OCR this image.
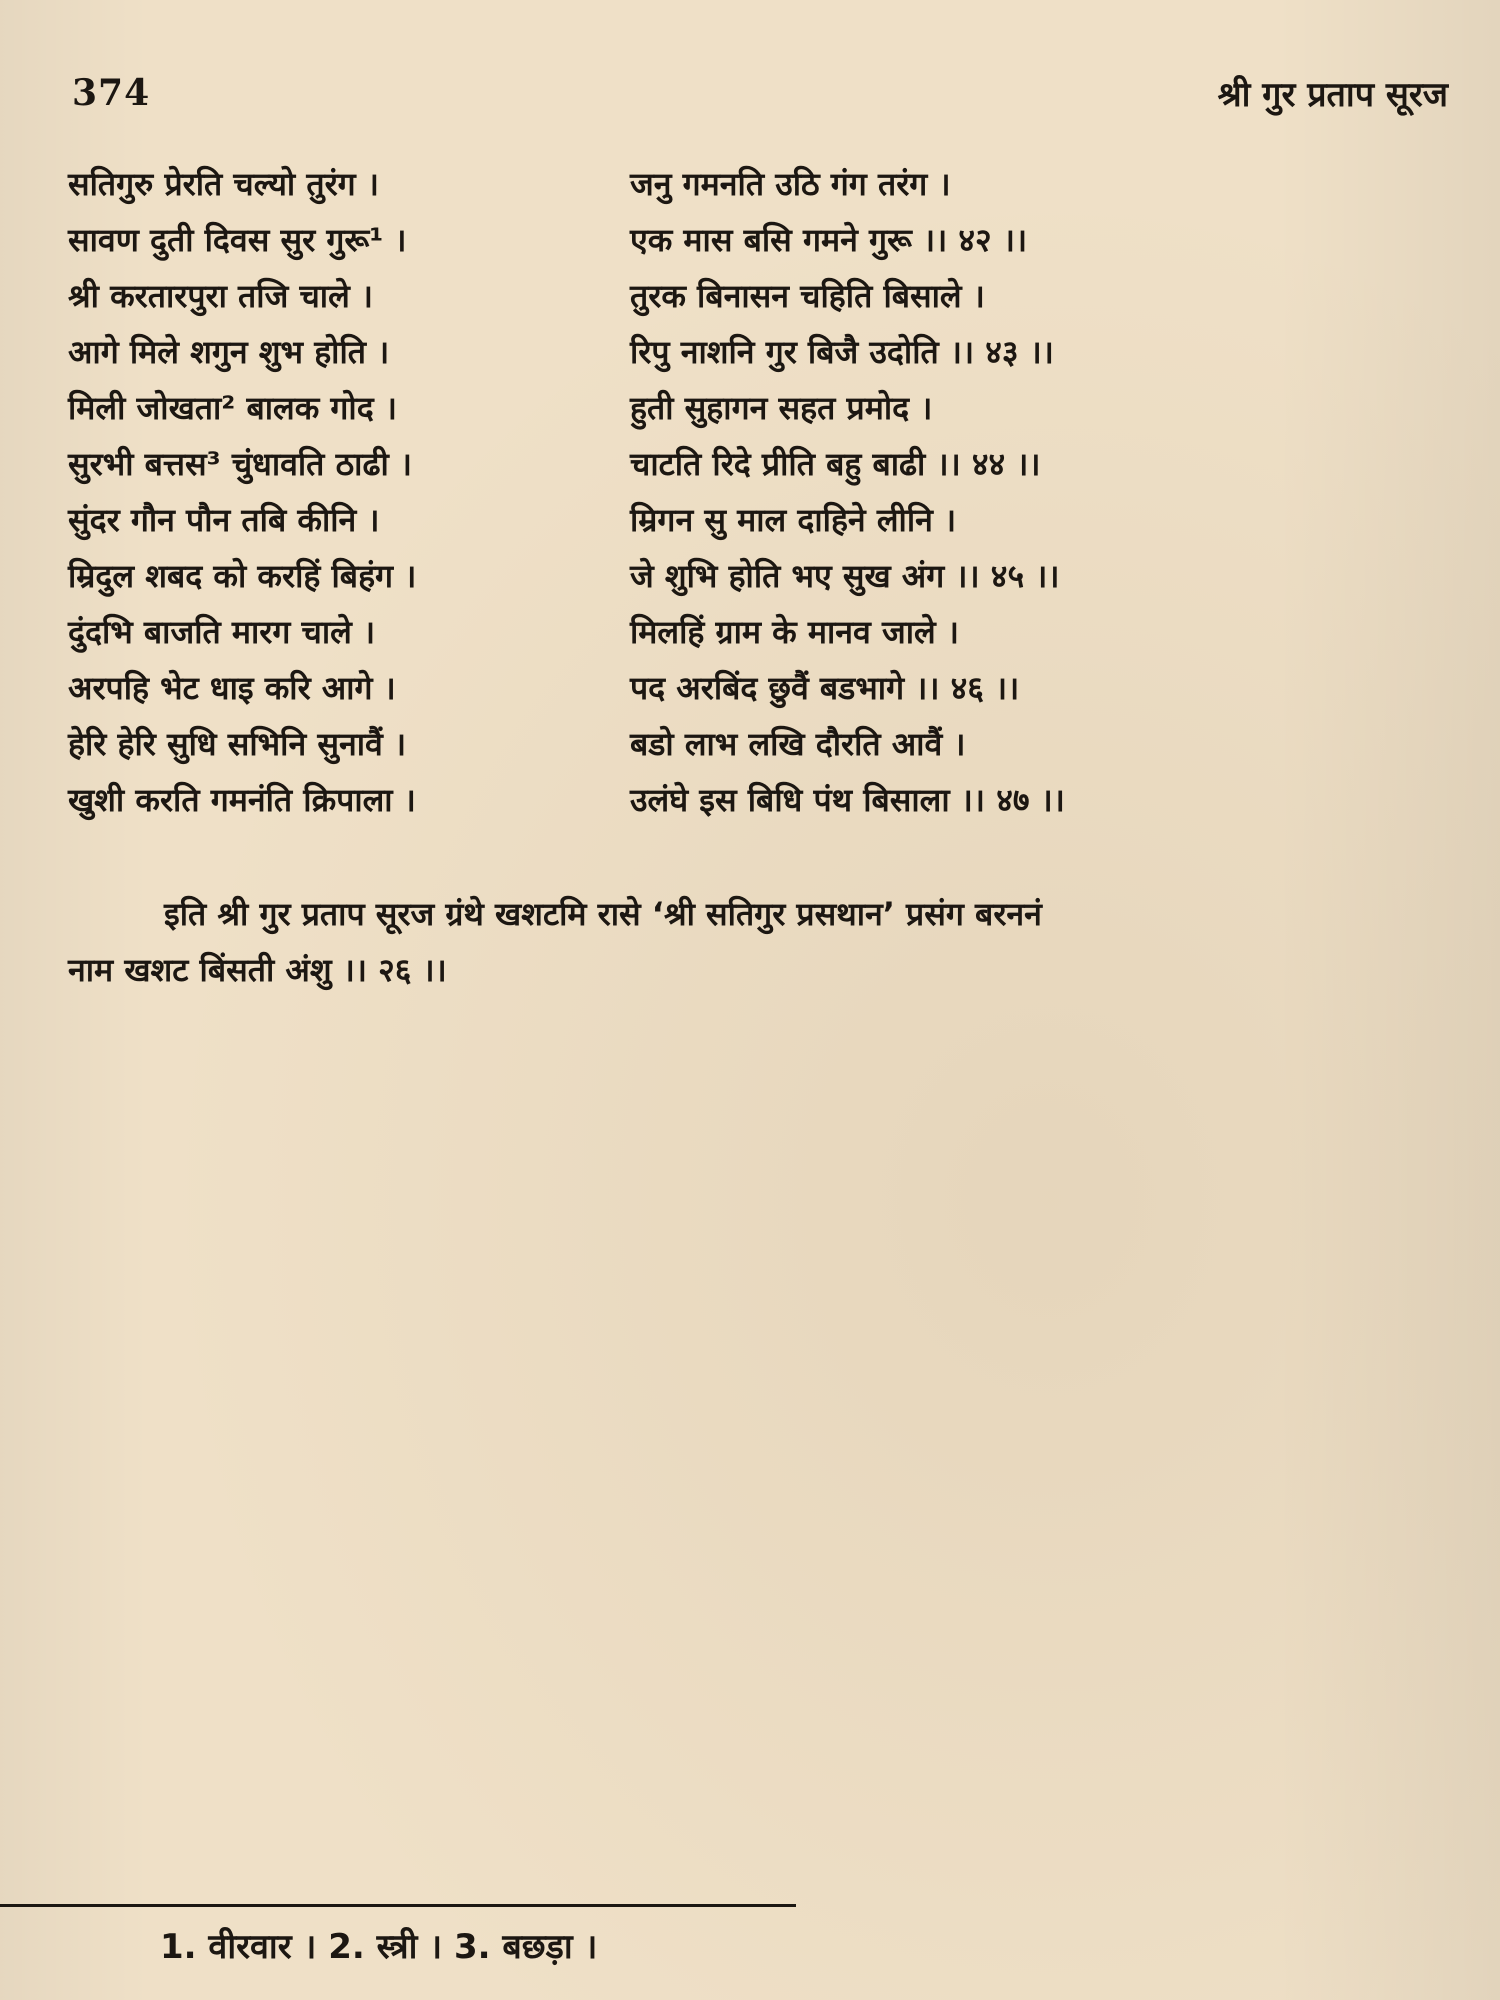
374	श्री गुर प्रताप सूरज
सतिगुरु प्रेरति चल्यो तुरंग ।	जनु गमनति उठि गंग तरंग ।
सावण दुती दिवस सुर गुरू¹ ।	एक मास बसि गमने गुरू ।। ४२ ।।
श्री करतारपुरा तजि चाले ।	तुरक बिनासन चहिति बिसाले ।
आगे मिले शगुन शुभ होति ।	रिपु नाशनि गुर बिजै उदोति ।। ४३ ।।
मिली जोखता² बालक गोद ।	हुती सुहागन सहत प्रमोद ।
सुरभी बत्तस³ चुंधावति ठाढी ।	चाटति रिदे प्रीति बहु बाढी ।। ४४ ।।
सुंदर गौन पौन तबि कीनि ।	म्रिगन सु माल दाहिने लीनि ।
म्रिदुल शबद को करहिं बिहंग ।	जे शुभि होति भए सुख अंग ।। ४५ ।।
दुंदभि बाजति मारग चाले ।	मिलहिं ग्राम के मानव जाले ।
अरपहि भेट धाइ करि आगे ।	पद अरबिंद छुवैं बडभागे ।। ४६ ।।
हेरि हेरि सुधि सभिनि सुनावैं ।	बडो लाभ लखि दौरति आवैं ।
खुशी करति गमनंति क्रिपाला ।	उलंघे इस बिधि पंथ बिसाला ।। ४७ ।।
इति श्री गुर प्रताप सूरज ग्रंथे खशटमि रासे ‘श्री सतिगुर प्रसथान’ प्रसंग बरननं
नाम खशट बिंसती अंशु ।। २६ ।।
1. वीरवार । 2. स्त्री । 3. बछड़ा ।
